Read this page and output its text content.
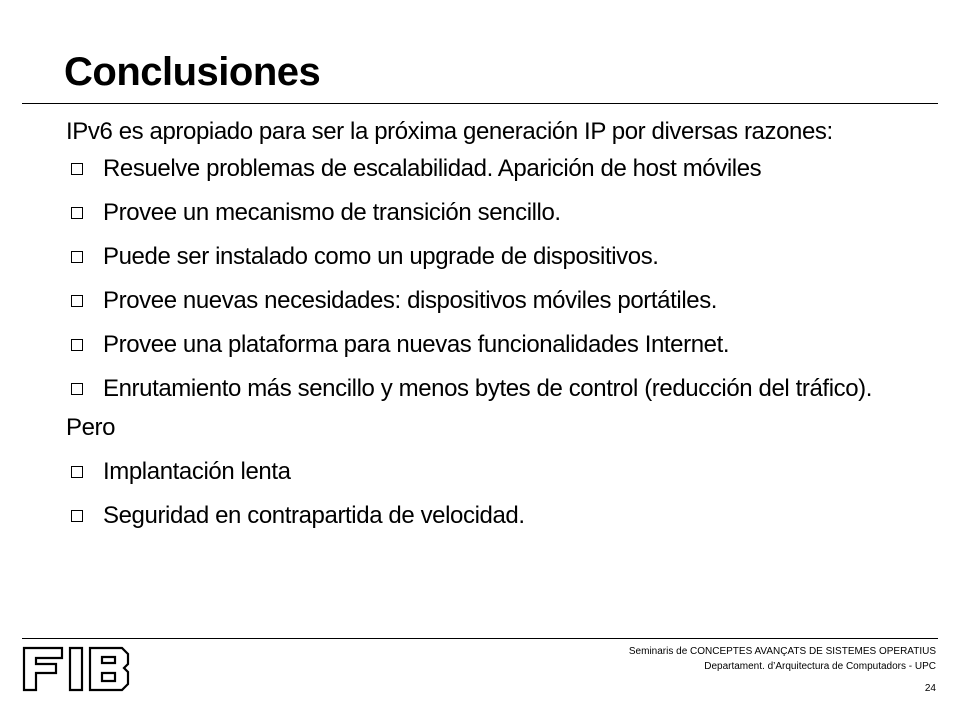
Conclusiones

IPv6 es apropiado para ser la próxima generación IP por diversas razones:

Resuelve problemas de escalabilidad. Aparición de host móviles
Provee un mecanismo de transición sencillo.
Puede ser instalado como un upgrade de dispositivos.
Provee nuevas necesidades: dispositivos móviles portátiles.
Provee una plataforma para nuevas funcionalidades Internet.
Enrutamiento más sencillo y menos bytes de control (reducción del tráfico).

Pero

Implantación lenta
Seguridad en contrapartida de velocidad.
Seminaris de CONCEPTES AVANÇATS DE SISTEMES OPERATIUS
Departament. d’Arquitectura de Computadors - UPC
24
